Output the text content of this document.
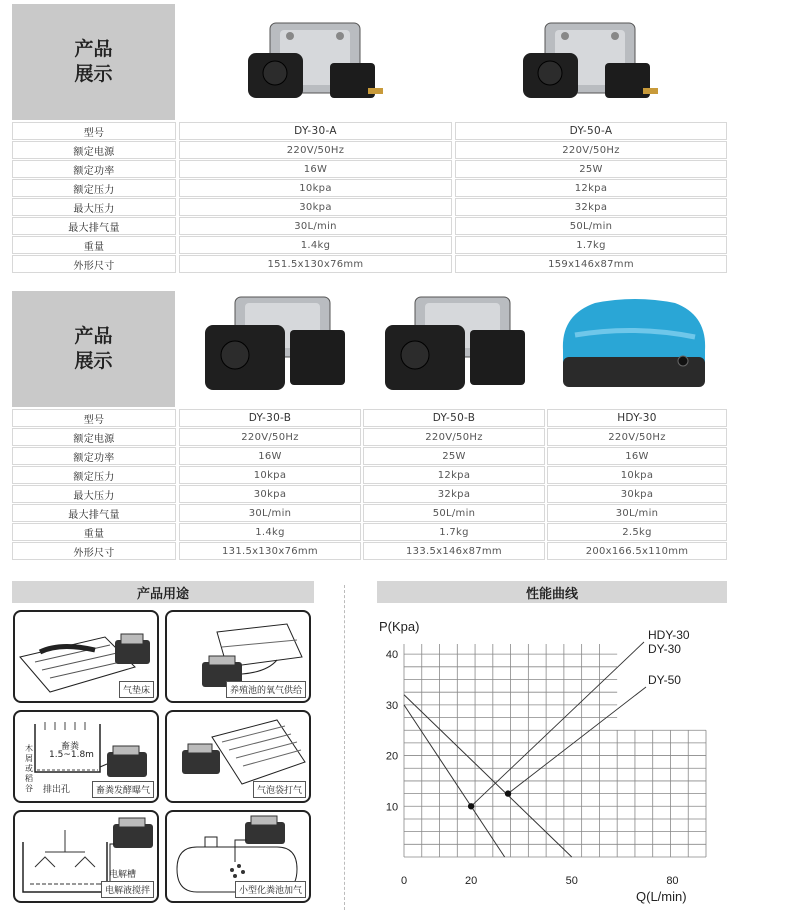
产品
展示
型号	DY-30-A	DY-50-A
额定电源	220V/50Hz	220V/50Hz
额定功率	16W	25W
额定压力	10kpa	12kpa
最大压力	30kpa	32kpa
最大排气量	30L/min	50L/min
重量	1.4kg	1.7kg
外形尺寸	151.5x130x76mm	159x146x87mm
产品
展示
型号	DY-30-B	DY-50-B	HDY-30
额定电源	220V/50Hz	220V/50Hz	220V/50Hz
额定功率	16W	25W	16W
额定压力	10kpa	12kpa	10kpa
最大压力	30kpa	32kpa	30kpa
最大排气量	30L/min	50L/min	30L/min
重量	1.4kg	1.7kg	2.5kg
外形尺寸	131.5x130x76mm	133.5x146x87mm	200x166.5x110mm
产品用途
气垫床	养殖池的氧气供给
畜粪
1.5~1.8m
木屑或稻谷 排出孔	畜粪发酵曝气	气泡袋打气
电解槽
电解液搅拌	小型化粪池加气
性能曲线
P(Kpa)
Q(L/min)
10
20
30
40
0	20	50	80
HDY-30
DY-30
DY-50
